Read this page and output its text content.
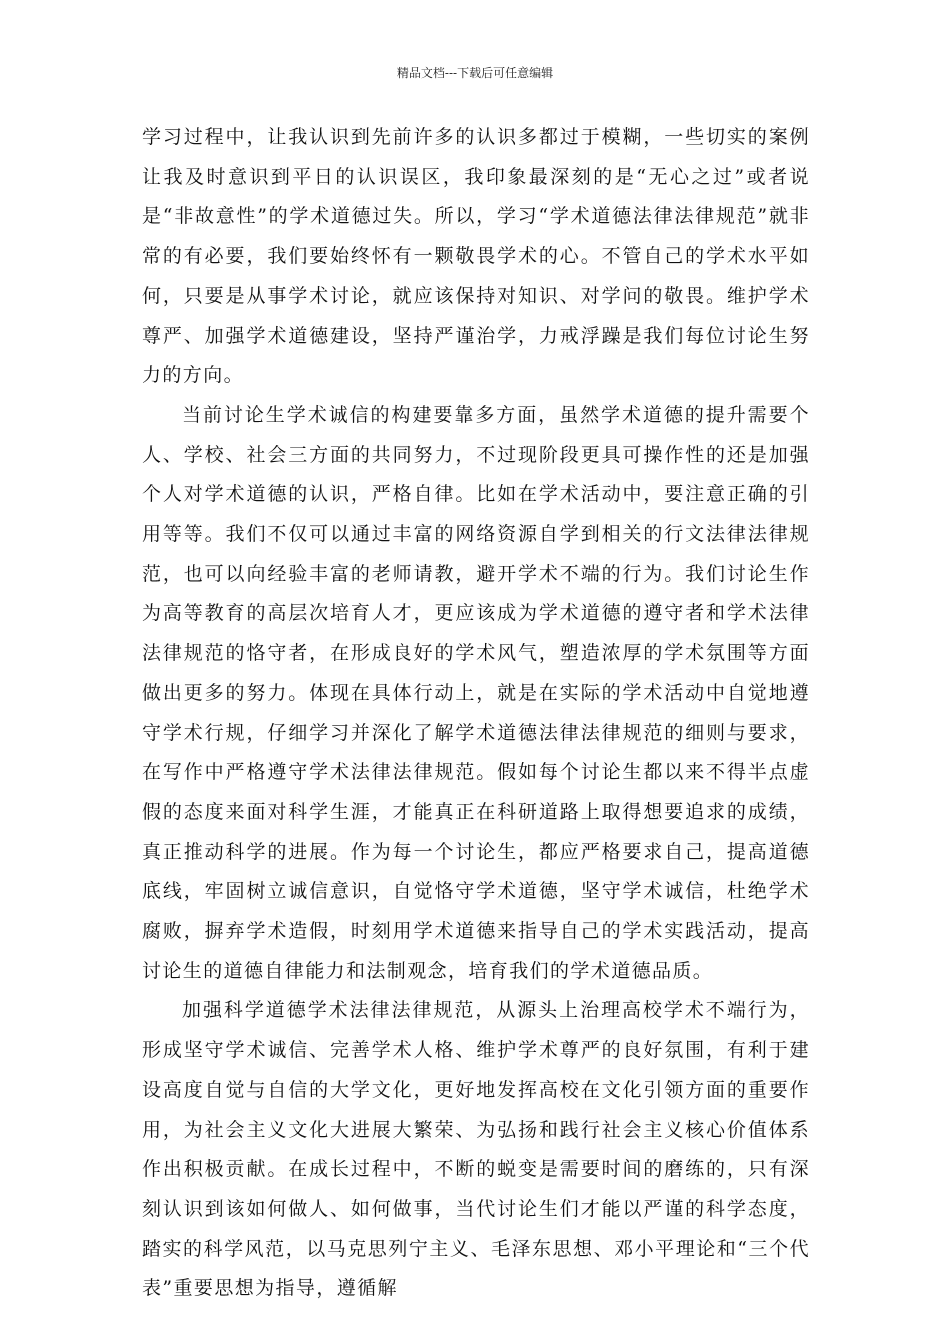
精品文档---下载后可任意编辑

学习过程中，让我认识到先前许多的认识多都过于模糊，一些切实的案例让我及时意识到平日的认识误区，我印象最深刻的是“无心之过”或者说是“非故意性”的学术道德过失。所以，学习“学术道德法律法律规范”就非常的有必要，我们要始终怀有一颗敬畏学术的心。不管自己的学术水平如何，只要是从事学术讨论，就应该保持对知识、对学问的敬畏。维护学术尊严、加强学术道德建设，坚持严谨治学，力戒浮躁是我们每位讨论生努力的方向。

当前讨论生学术诚信的构建要靠多方面，虽然学术道德的提升需要个人、学校、社会三方面的共同努力，不过现阶段更具可操作性的还是加强个人对学术道德的认识，严格自律。比如在学术活动中，要注意正确的引用等等。我们不仅可以通过丰富的网络资源自学到相关的行文法律法律规范，也可以向经验丰富的老师请教，避开学术不端的行为。我们讨论生作为高等教育的高层次培育人才，更应该成为学术道德的遵守者和学术法律法律规范的恪守者，在形成良好的学术风气，塑造浓厚的学术氛围等方面做出更多的努力。体现在具体行动上，就是在实际的学术活动中自觉地遵守学术行规，仔细学习并深化了解学术道德法律法律规范的细则与要求，在写作中严格遵守学术法律法律规范。假如每个讨论生都以来不得半点虚假的态度来面对科学生涯，才能真正在科研道路上取得想要追求的成绩，真正推动科学的进展。作为每一个讨论生，都应严格要求自己，提高道德底线，牢固树立诚信意识，自觉恪守学术道德，坚守学术诚信，杜绝学术腐败，摒弃学术造假，时刻用学术道德来指导自己的学术实践活动，提高讨论生的道德自律能力和法制观念，培育我们的学术道德品质。

加强科学道德学术法律法律规范，从源头上治理高校学术不端行为，形成坚守学术诚信、完善学术人格、维护学术尊严的良好氛围，有利于建设高度自觉与自信的大学文化，更好地发挥高校在文化引领方面的重要作用，为社会主义文化大进展大繁荣、为弘扬和践行社会主义核心价值体系作出积极贡献。在成长过程中，不断的蜕变是需要时间的磨练的，只有深刻认识到该如何做人、如何做事，当代讨论生们才能以严谨的科学态度，踏实的科学风范，以马克思列宁主义、毛泽东思想、邓小平理论和“三个代表”重要思想为指导，遵循解
